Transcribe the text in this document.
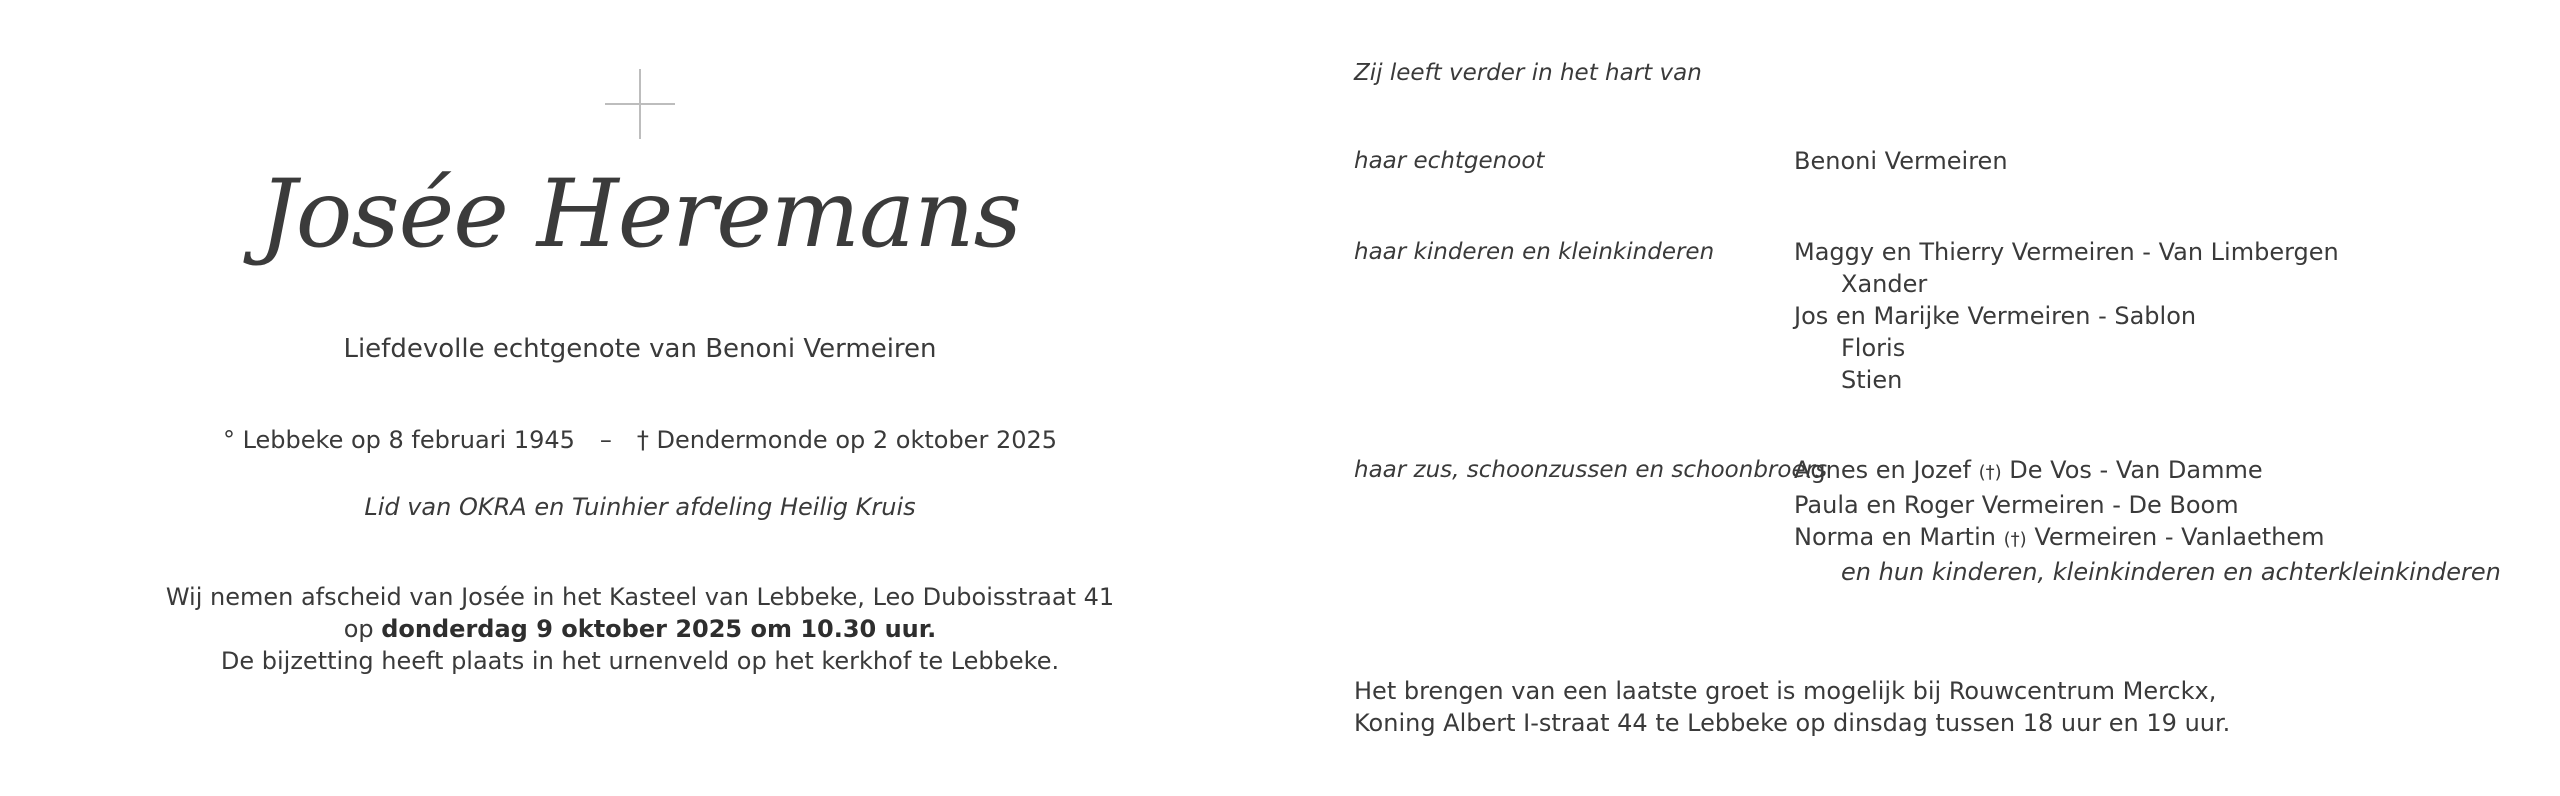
Josée Heremans
Liefdevolle echtgenote van Benoni Vermeiren
° Lebbeke op 8 februari 1945 – † Dendermonde op 2 oktober 2025
Lid van OKRA en Tuinhier afdeling Heilig Kruis
Wij nemen afscheid van Josée in het Kasteel van Lebbeke, Leo Duboisstraat 41
op donderdag 9 oktober 2025 om 10.30 uur.
De bijzetting heeft plaats in het urnenveld op het kerkhof te Lebbeke.
Zij leeft verder in het hart van
haar echtgenoot	Benoni Vermeiren
haar kinderen en kleinkinderen	Maggy en Thierry Vermeiren - Van Limbergen
Xander
Jos en Marijke Vermeiren - Sablon
Floris
Stien
haar zus, schoonzussen en schoonbroers
Agnes en Jozef (†) De Vos - Van Damme
Paula en Roger Vermeiren - De Boom
Norma en Martin (†) Vermeiren - Vanlaethem
en hun kinderen, kleinkinderen en achterkleinkinderen
Het brengen van een laatste groet is mogelijk bij Rouwcentrum Merckx,
Koning Albert I-straat 44 te Lebbeke op dinsdag tussen 18 uur en 19 uur.
